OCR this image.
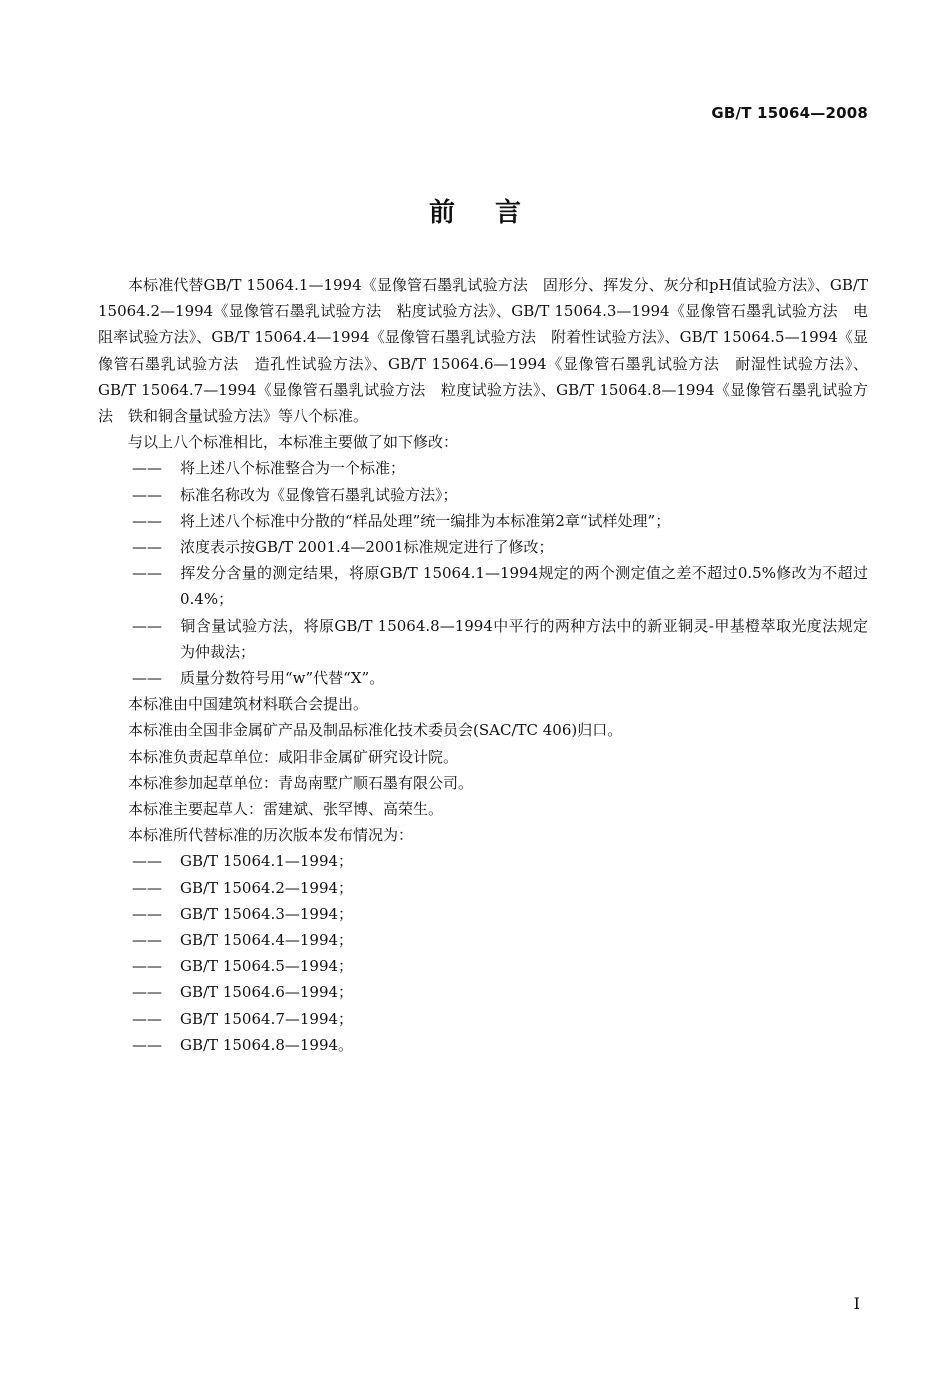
GB/T 15064—2008
前言

本标准代替GB/T 15064.1—1994《显像管石墨乳试验方法　固形分、挥发分、灰分和pH值试验方法》、GB/T 15064.2—1994《显像管石墨乳试验方法　粘度试验方法》、GB/T 15064.3—1994《显像管石墨乳试验方法　电阻率试验方法》、GB/T 15064.4—1994《显像管石墨乳试验方法　附着性试验方法》、GB/T 15064.5—1994《显像管石墨乳试验方法　造孔性试验方法》、GB/T 15064.6—1994《显像管石墨乳试验方法　耐湿性试验方法》、GB/T 15064.7—1994《显像管石墨乳试验方法　粒度试验方法》、GB/T 15064.8—1994《显像管石墨乳试验方法　铁和铜含量试验方法》等八个标准。

与以上八个标准相比，本标准主要做了如下修改：

—— 将上述八个标准整合为一个标准；

—— 标准名称改为《显像管石墨乳试验方法》；

—— 将上述八个标准中分散的“样品处理”统一编排为本标准第2章“试样处理”；

—— 浓度表示按GB/T 2001.4—2001标准规定进行了修改；

—— 挥发分含量的测定结果，将原GB/T 15064.1—1994规定的两个测定值之差不超过0.5%修改为不超过0.4%；

—— 铜含量试验方法，将原GB/T 15064.8—1994中平行的两种方法中的新亚铜灵-甲基橙萃取光度法规定为仲裁法；

—— 质量分数符号用“w”代替“X”。

本标准由中国建筑材料联合会提出。

本标准由全国非金属矿产品及制品标准化技术委员会(SAC/TC 406)归口。

本标准负责起草单位：咸阳非金属矿研究设计院。

本标准参加起草单位：青岛南墅广顺石墨有限公司。

本标准主要起草人：雷建斌、张罕博、高荣生。

本标准所代替标准的历次版本发布情况为：

—— GB/T 15064.1—1994；

—— GB/T 15064.2—1994；

—— GB/T 15064.3—1994；

—— GB/T 15064.4—1994；

—— GB/T 15064.5—1994；

—— GB/T 15064.6—1994；

—— GB/T 15064.7—1994；

—— GB/T 15064.8—1994。

I
